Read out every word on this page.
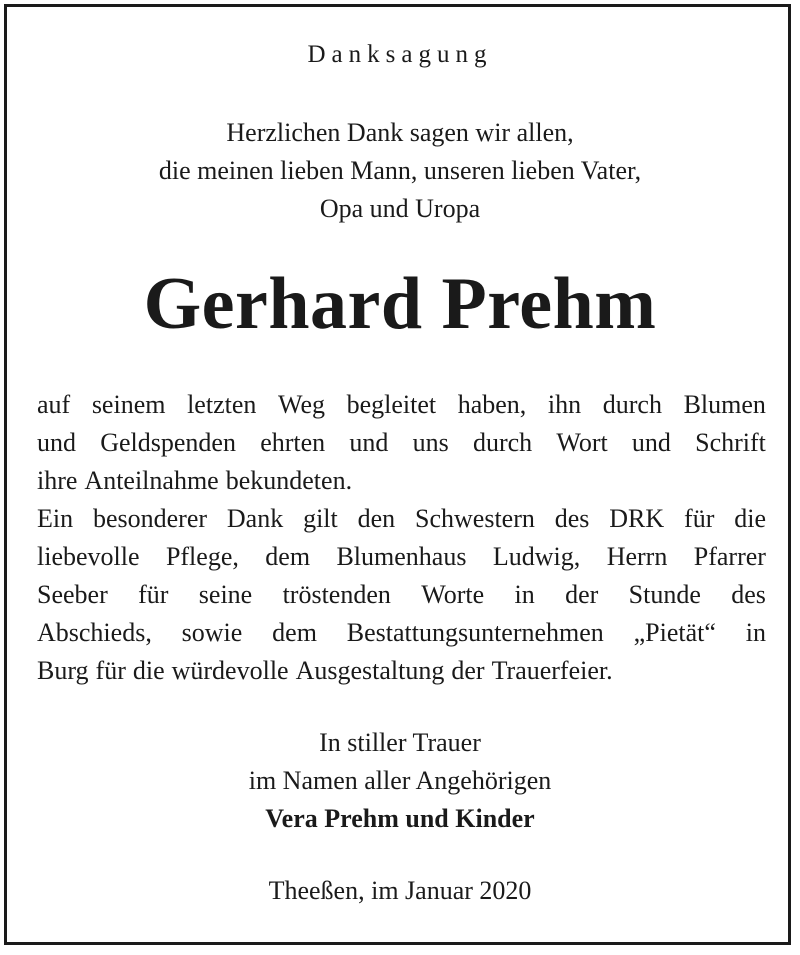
Danksagung
Herzlichen Dank sagen wir allen,
die meinen lieben Mann, unseren lieben Vater,
Opa und Uropa
Gerhard Prehm
auf seinem letzten Weg begleitet haben, ihn durch Blumen
und Geldspenden ehrten und uns durch Wort und Schrift
ihre Anteilnahme bekundeten.
Ein besonderer Dank gilt den Schwestern des DRK für die
liebevolle Pflege, dem Blumenhaus Ludwig, Herrn Pfarrer
Seeber für seine tröstenden Worte in der Stunde des
Abschieds, sowie dem Bestattungsunternehmen „Pietät“ in
Burg für die würdevolle Ausgestaltung der Trauerfeier.
In stiller Trauer
im Namen aller Angehörigen
Vera Prehm und Kinder
Theeßen, im Januar 2020
